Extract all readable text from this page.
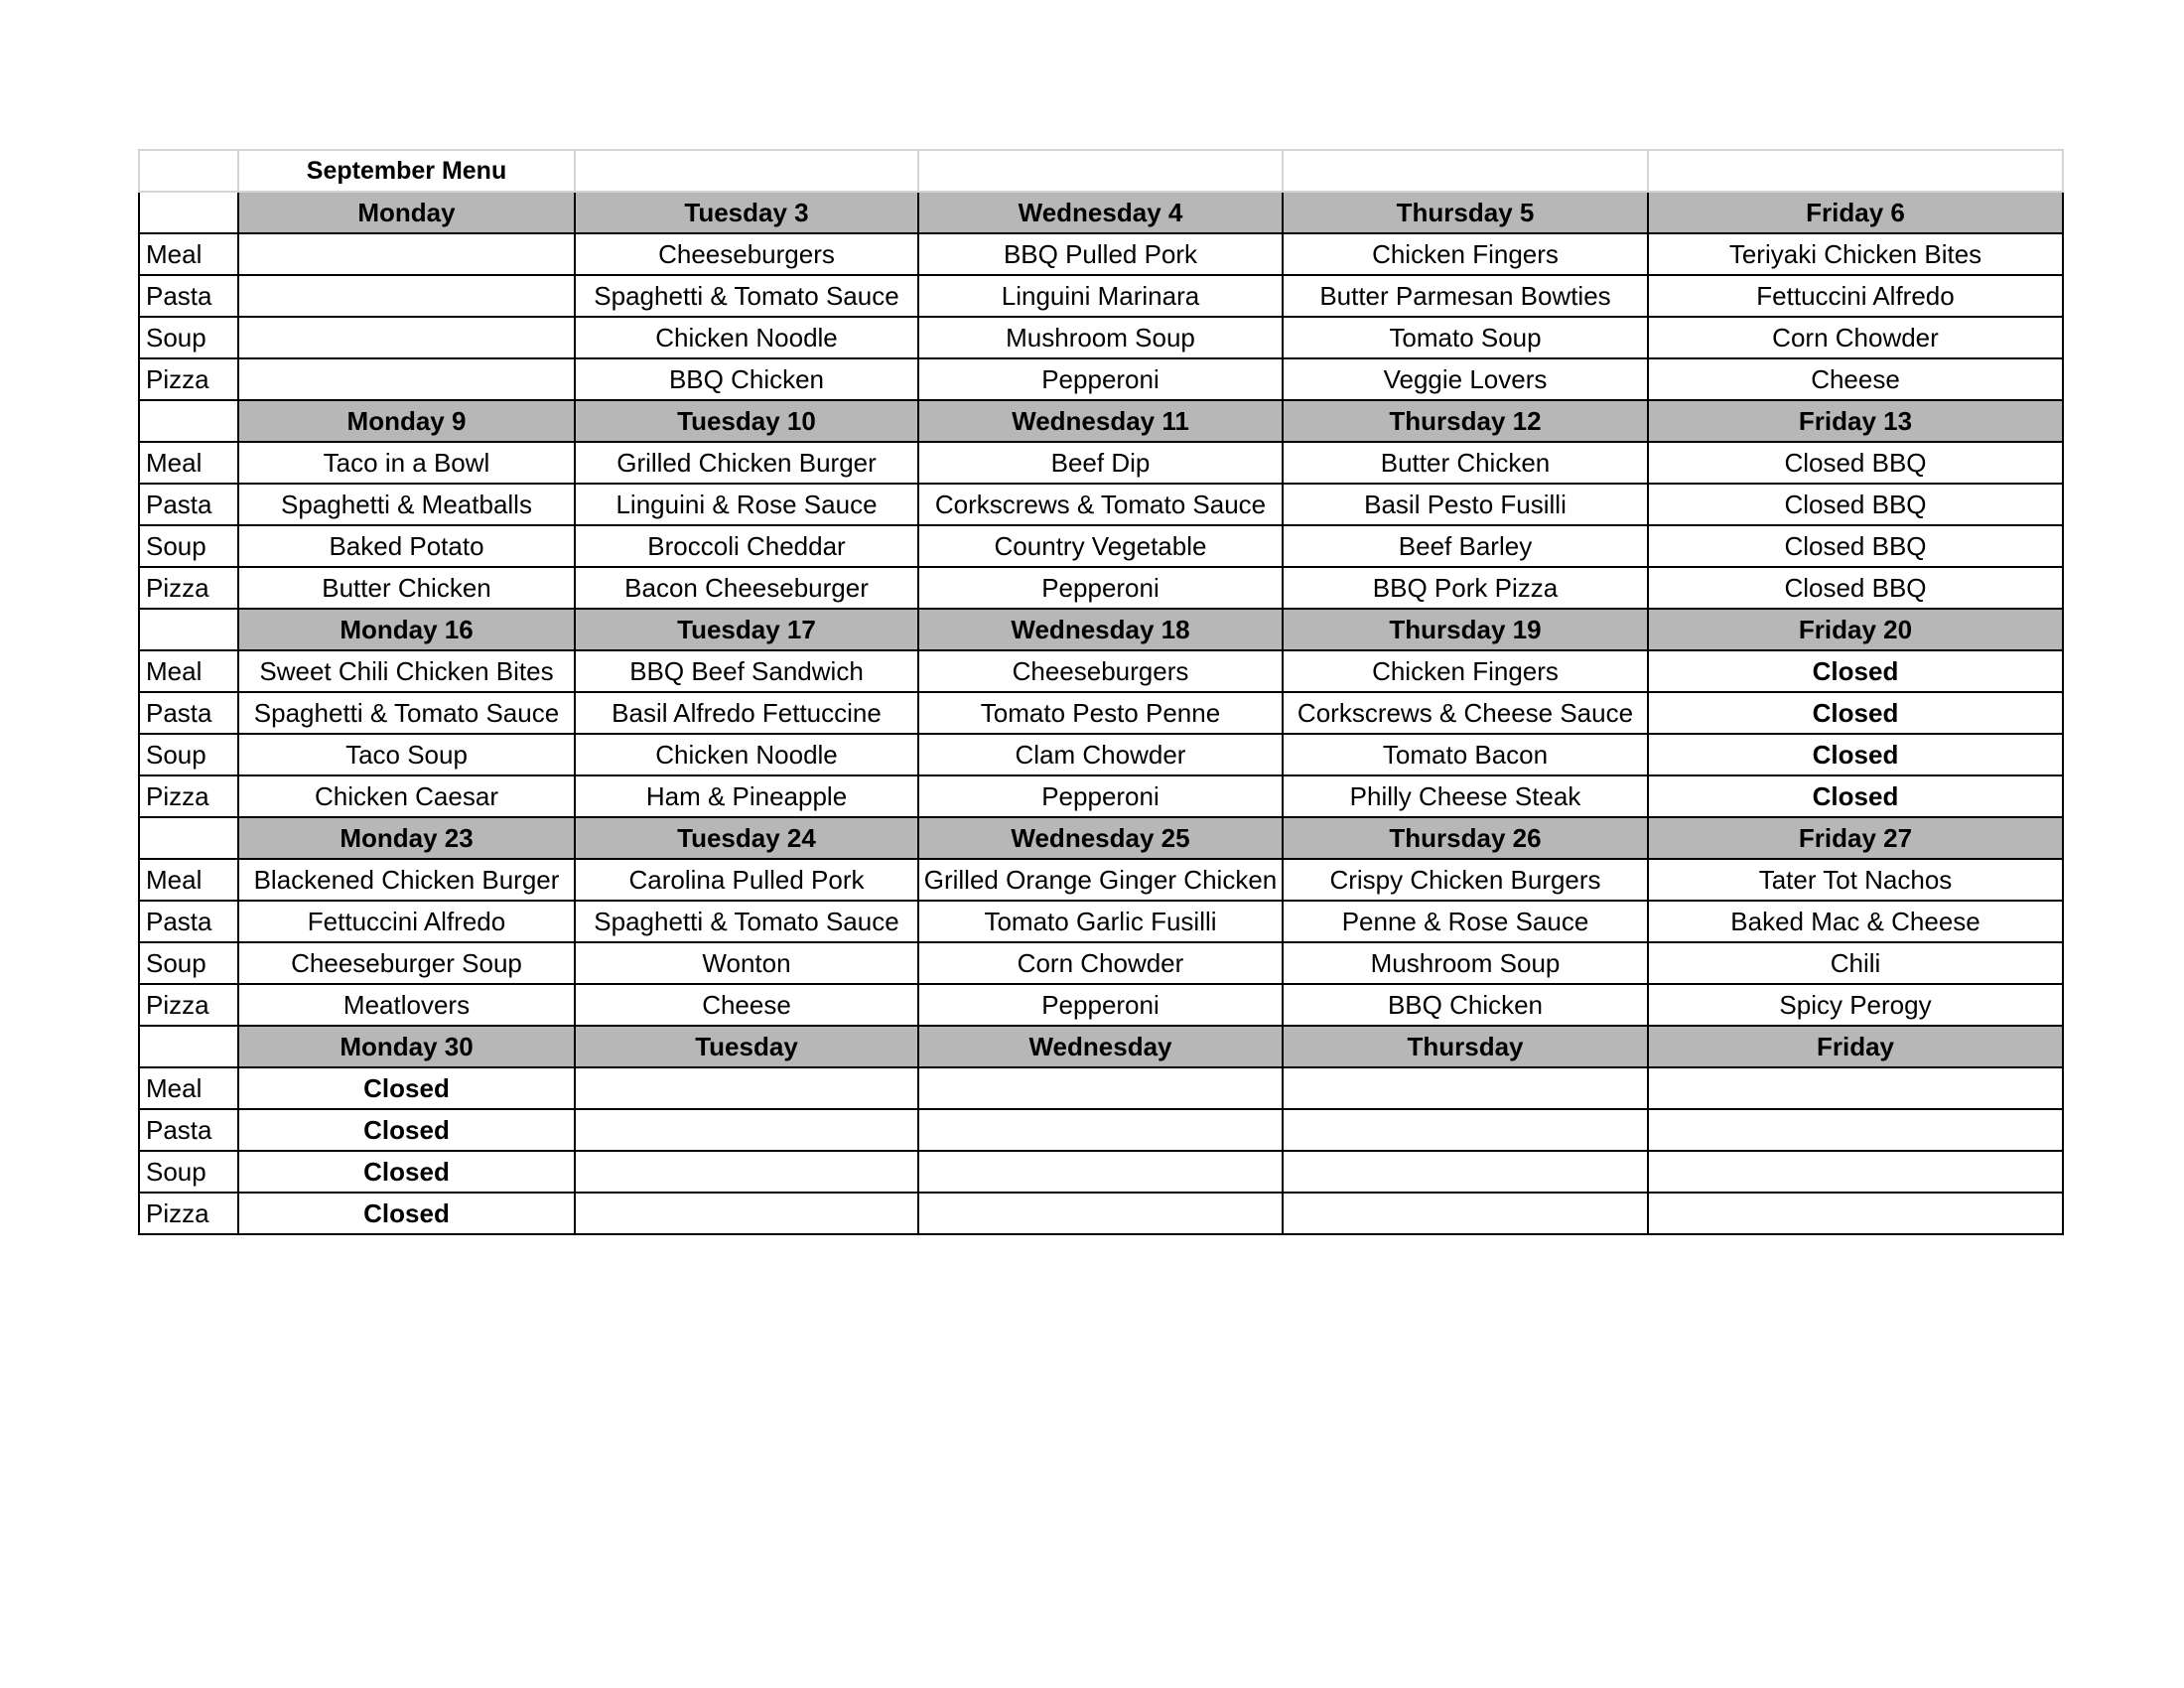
	September Menu				
	Monday	Tuesday 3	Wednesday 4	Thursday 5	Friday 6
Meal		Cheeseburgers	BBQ Pulled Pork	Chicken Fingers	Teriyaki Chicken Bites
Pasta		Spaghetti & Tomato Sauce	Linguini Marinara	Butter Parmesan Bowties	Fettuccini Alfredo
Soup		Chicken Noodle	Mushroom Soup	Tomato Soup	Corn Chowder
Pizza		BBQ Chicken	Pepperoni	Veggie Lovers	Cheese
	Monday 9	Tuesday 10	Wednesday 11	Thursday 12	Friday 13
Meal	Taco in a Bowl	Grilled Chicken Burger	Beef Dip	Butter Chicken	Closed BBQ
Pasta	Spaghetti & Meatballs	Linguini & Rose Sauce	Corkscrews & Tomato Sauce	Basil Pesto Fusilli	Closed BBQ
Soup	Baked Potato	Broccoli Cheddar	Country Vegetable	Beef Barley	Closed BBQ
Pizza	Butter Chicken	Bacon Cheeseburger	Pepperoni	BBQ Pork Pizza	Closed BBQ
	Monday 16	Tuesday 17	Wednesday 18	Thursday 19	Friday 20
Meal	Sweet Chili Chicken Bites	BBQ Beef Sandwich	Cheeseburgers	Chicken Fingers	Closed
Pasta	Spaghetti & Tomato Sauce	Basil Alfredo Fettuccine	Tomato Pesto Penne	Corkscrews & Cheese Sauce	Closed
Soup	Taco Soup	Chicken Noodle	Clam Chowder	Tomato Bacon	Closed
Pizza	Chicken Caesar	Ham & Pineapple	Pepperoni	Philly Cheese Steak	Closed
	Monday 23	Tuesday 24	Wednesday 25	Thursday 26	Friday 27
Meal	Blackened Chicken Burger	Carolina Pulled Pork	Grilled Orange Ginger Chicken	Crispy Chicken Burgers	Tater Tot Nachos
Pasta	Fettuccini Alfredo	Spaghetti & Tomato Sauce	Tomato Garlic Fusilli	Penne & Rose Sauce	Baked Mac & Cheese
Soup	Cheeseburger Soup	Wonton	Corn Chowder	Mushroom Soup	Chili
Pizza	Meatlovers	Cheese	Pepperoni	BBQ Chicken	Spicy Perogy
	Monday 30	Tuesday	Wednesday	Thursday	Friday
Meal	Closed				
Pasta	Closed				
Soup	Closed				
Pizza	Closed				
